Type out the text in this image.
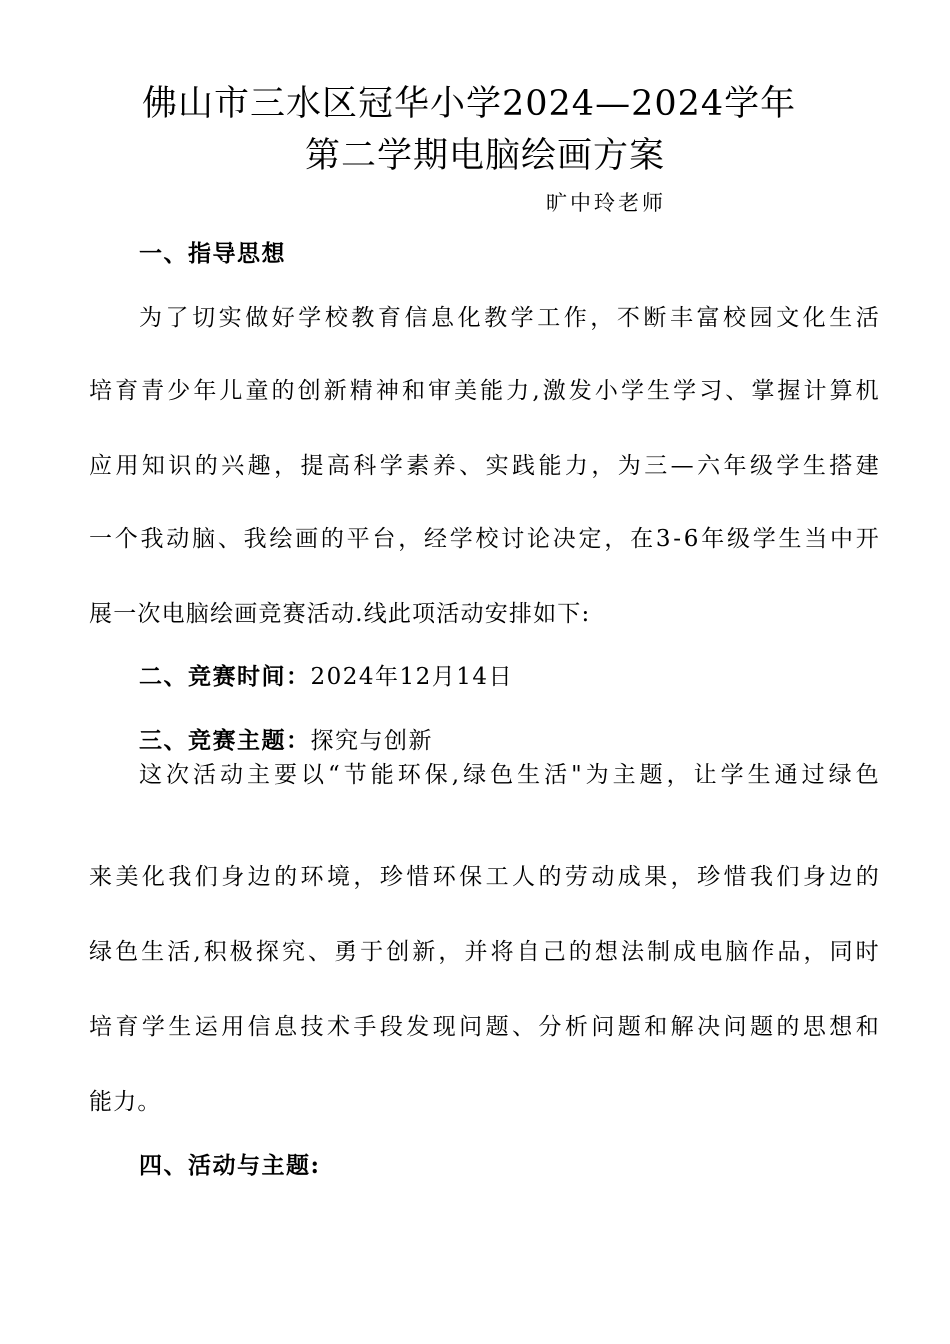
佛山市三水区冠华小学2024—2024学年
第二学期电脑绘画方案
旷中玲老师
一、指导思想
为 了 切 实 做 好 学 校 教 育 信 息 化 教 学 工 作 ， 不 断 丰 富 校 园 文 化 生 活
培 育 青 少 年 儿 童 的 创 新 精 神 和 审 美 能 力 , 激 发 小 学 生 学 习 、 掌 握 计 算 机
应 用 知 识 的 兴 趣 ， 提 高 科 学 素 养 、 实 践 能 力 ， 为 三 — 六 年 级 学 生 搭 建
一 个 我 动 脑 、 我 绘 画 的 平 台 ， 经 学 校 讨 论 决 定 ， 在 3 - 6 年 级 学 生 当 中 开
展一次电脑绘画竞赛活动.线此项活动安排如下:
二、竞赛时间：2024年12月14日
三、竞赛主题：探究与创新
这 次 活 动 主 要 以 “ 节 能 环 保 , 绿 色 生 活 " 为 主 题 ， 让 学 生 通 过 绿 色
来 美 化 我 们 身 边 的 环 境 ， 珍 惜 环 保 工 人 的 劳 动 成 果 ， 珍 惜 我 们 身 边 的
绿 色 生 活 , 积 极 探 究 、 勇 于 创 新 ， 并 将 自 己 的 想 法 制 成 电 脑 作 品 ， 同 时
培 育 学 生 运 用 信 息 技 术 手 段 发 现 问 题 、 分 析 问 题 和 解 决 问 题 的 思 想 和
能力。
四、活动与主题:
